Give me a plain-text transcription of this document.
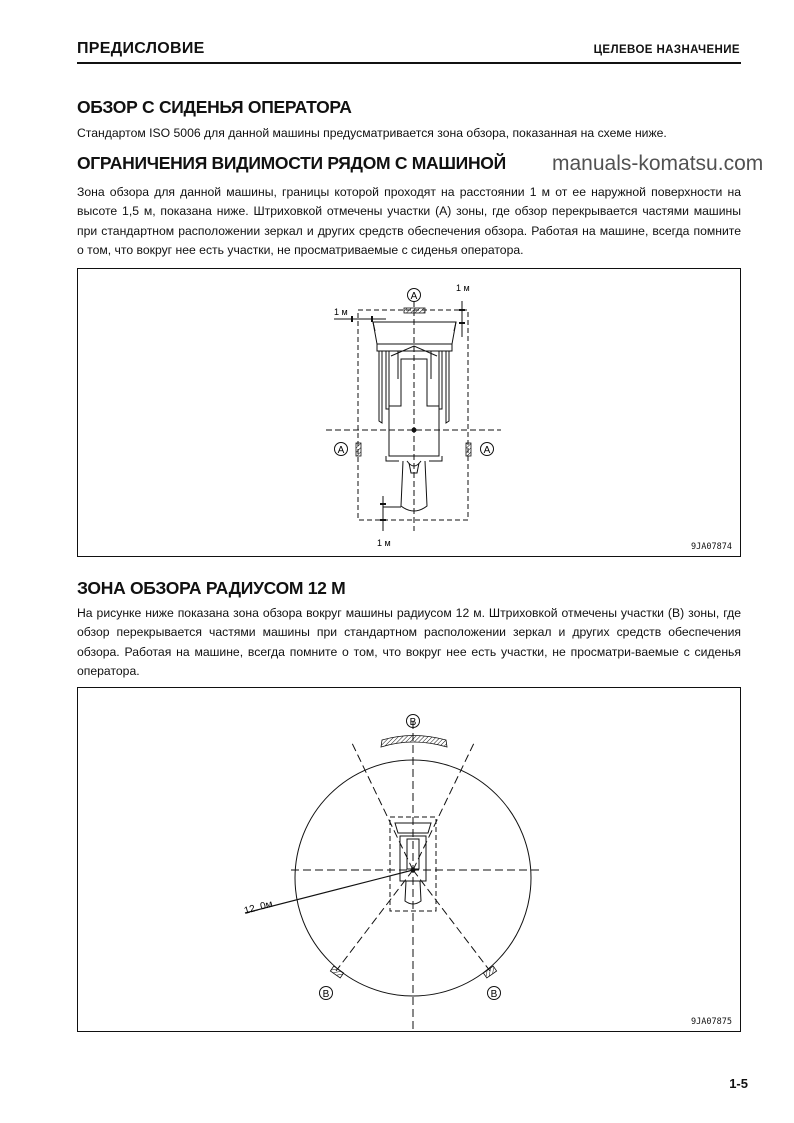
ПРЕДИСЛОВИЕ	ЦЕЛЕВОЕ НАЗНАЧЕНИЕ
ОБЗОР С СИДЕНЬЯ ОПЕРАТОРА

Стандартом ISO 5006 для данной машины предусматривается зона обзора, показанная на схеме ниже.

ОГРАНИЧЕНИЯ ВИДИМОСТИ РЯДОМ С МАШИНОЙ manuals-komatsu.com

Зона обзора для данной машины, границы которой проходят на расстоянии 1 м от ее наружной поверхности на высоте 1,5 м, показана ниже. Штриховкой отмечены участки (A) зоны, где обзор перекрывается частями машины при стандартном расположении зеркал и других средств обеспечения обзора. Работая на машине, всегда помните о том, что вокруг нее есть участки, не просматриваемые с сиденья оператора.

A
A	A
1 м
1 м
1 м	9JA07874
ЗОНА ОБЗОРА РАДИУСОМ 12 М

На рисунке ниже показана зона обзора вокруг машины радиусом 12 м. Штриховкой отмечены участки (B) зоны, где обзор перекрывается частями машины при стандартном расположении зеркал и других средств обеспечения обзора. Работая на машине, всегда помните о том, что вокруг нее есть участки, не просматри-ваемые с сиденья оператора.

B
B	B
12. 0м
9JA07875
1-5
